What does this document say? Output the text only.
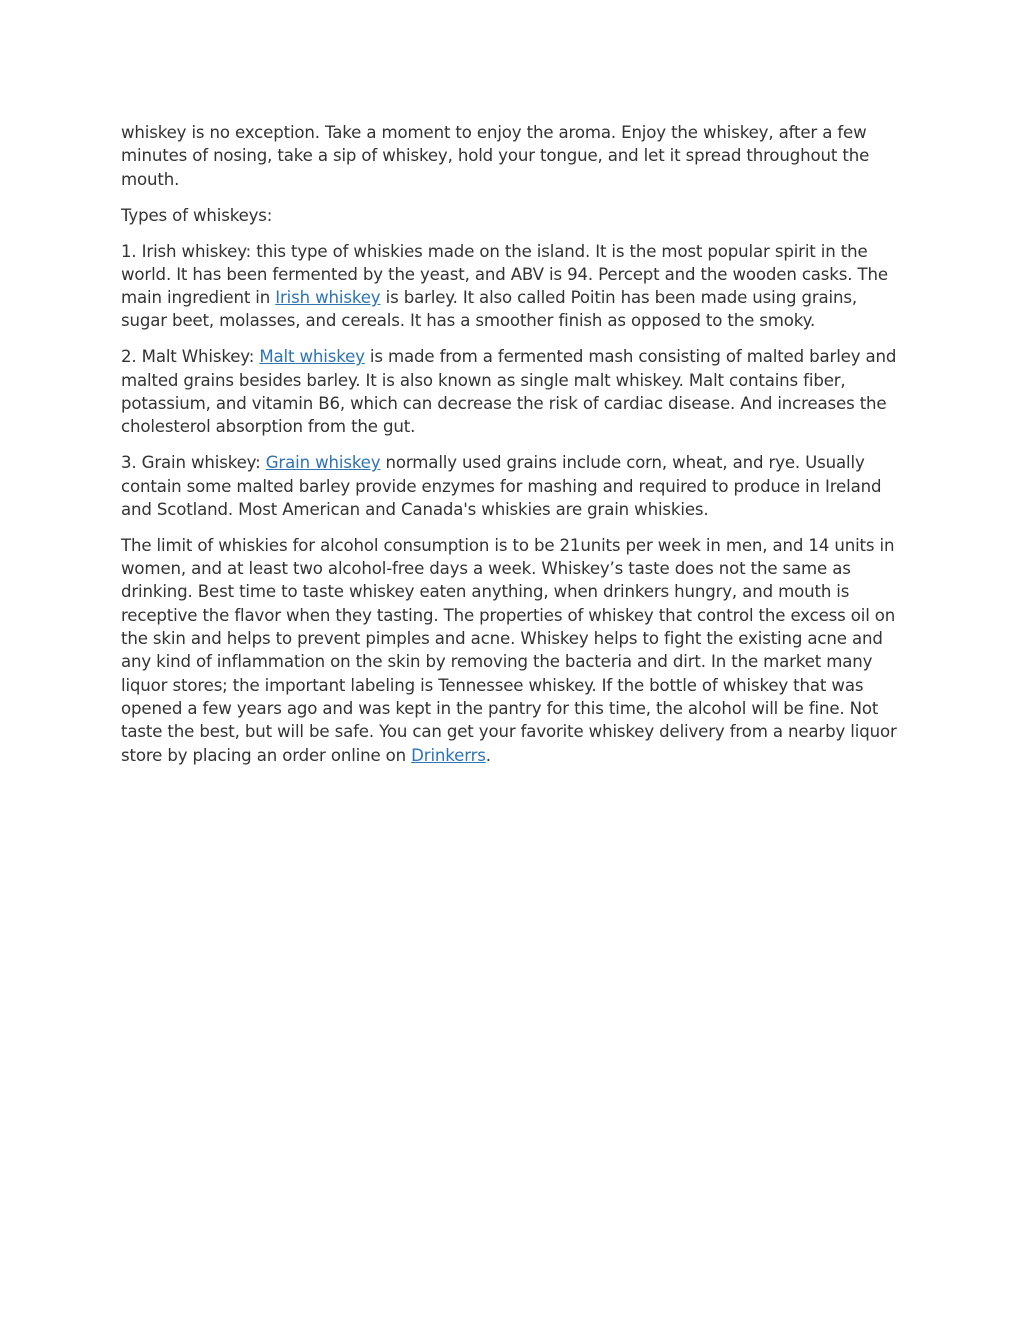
whiskey is no exception. Take a moment to enjoy the aroma. Enjoy the whiskey, after a few minutes of nosing, take a sip of whiskey, hold your tongue, and let it spread throughout the mouth.

Types of whiskeys:

1. Irish whiskey: this type of whiskies made on the island. It is the most popular spirit in the world. It has been fermented by the yeast, and ABV is 94. Percept and the wooden casks. The main ingredient in Irish whiskey is barley. It also called Poitin has been made using grains, sugar beet, molasses, and cereals. It has a smoother finish as opposed to the smoky.

2. Malt Whiskey: Malt whiskey is made from a fermented mash consisting of malted barley and malted grains besides barley. It is also known as single malt whiskey. Malt contains fiber, potassium, and vitamin B6, which can decrease the risk of cardiac disease. And increases the cholesterol absorption from the gut.

3. Grain whiskey: Grain whiskey normally used grains include corn, wheat, and rye. Usually contain some malted barley provide enzymes for mashing and required to produce in Ireland and Scotland. Most American and Canada's whiskies are grain whiskies.

The limit of whiskies for alcohol consumption is to be 21units per week in men, and 14 units in women, and at least two alcohol-free days a week. Whiskey’s taste does not the same as drinking. Best time to taste whiskey eaten anything, when drinkers hungry, and mouth is receptive the flavor when they tasting. The properties of whiskey that control the excess oil on the skin and helps to prevent pimples and acne. Whiskey helps to fight the existing acne and any kind of inflammation on the skin by removing the bacteria and dirt. In the market many liquor stores; the important labeling is Tennessee whiskey. If the bottle of whiskey that was opened a few years ago and was kept in the pantry for this time, the alcohol will be fine. Not taste the best, but will be safe. You can get your favorite whiskey delivery from a nearby liquor store by placing an order online on Drinkerrs.
